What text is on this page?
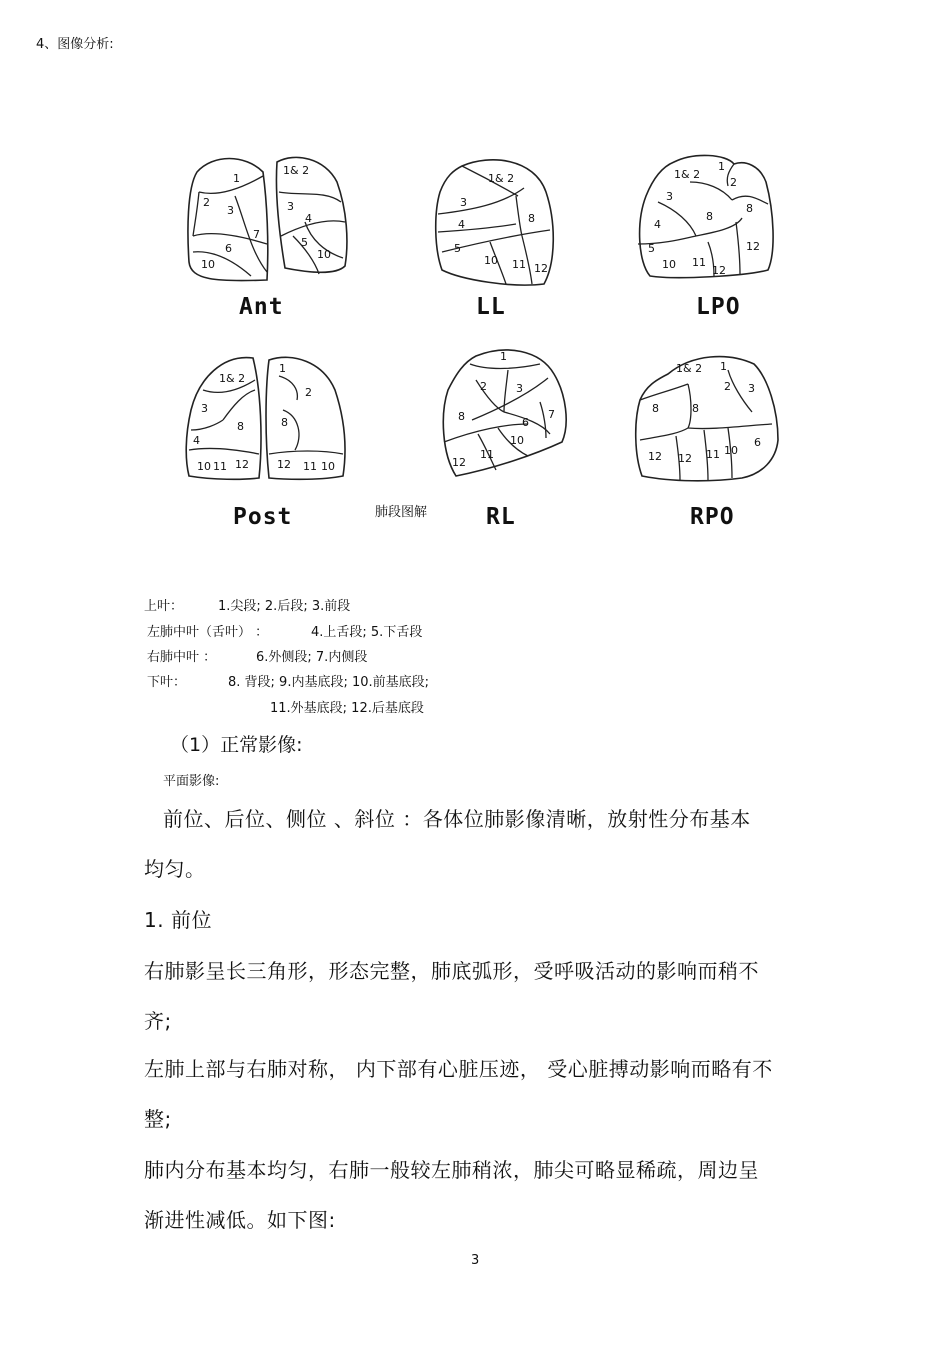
4、图像分析:
1
1& 2
2
3	3
4
5
6
7
10
10
Ant
1& 2
3
4
5
8
10 11 12
LL
1& 2
1
2
3
4
5
8
8
10 11
12
12
LPO
1& 2
1
2
3
4
8	8
10 11 12	12 11 10
Post	肺段图解
1
2	3
6
7
8
10
11
12
RL
1& 2 1
2 3
6
8	8
10
11
12 12
RPO
上叶：	1.尖段; 2.后段; 3.前段
左肺中叶（舌叶） ：	4.上舌段; 5.下舌段
右肺中叶 ：	6.外侧段; 7.内侧段
下叶：	8. 背段; 9.内基底段; 10.前基底段;
11.外基底段; 12.后基底段
（1）正常影像:
平面影像:
前位、后位、侧位 、斜位 ：各体位肺影像清晰，放射性分布基本
均匀。
1. 前位
右肺影呈长三角形，形态完整，肺底弧形，受呼吸活动的影响而稍不
齐;
左肺上部与右肺对称， 内下部有心脏压迹， 受心脏搏动影响而略有不
整;
肺内分布基本均匀，右肺一般较左肺稍浓，肺尖可略显稀疏，周边呈
渐进性减低。如下图:
3
